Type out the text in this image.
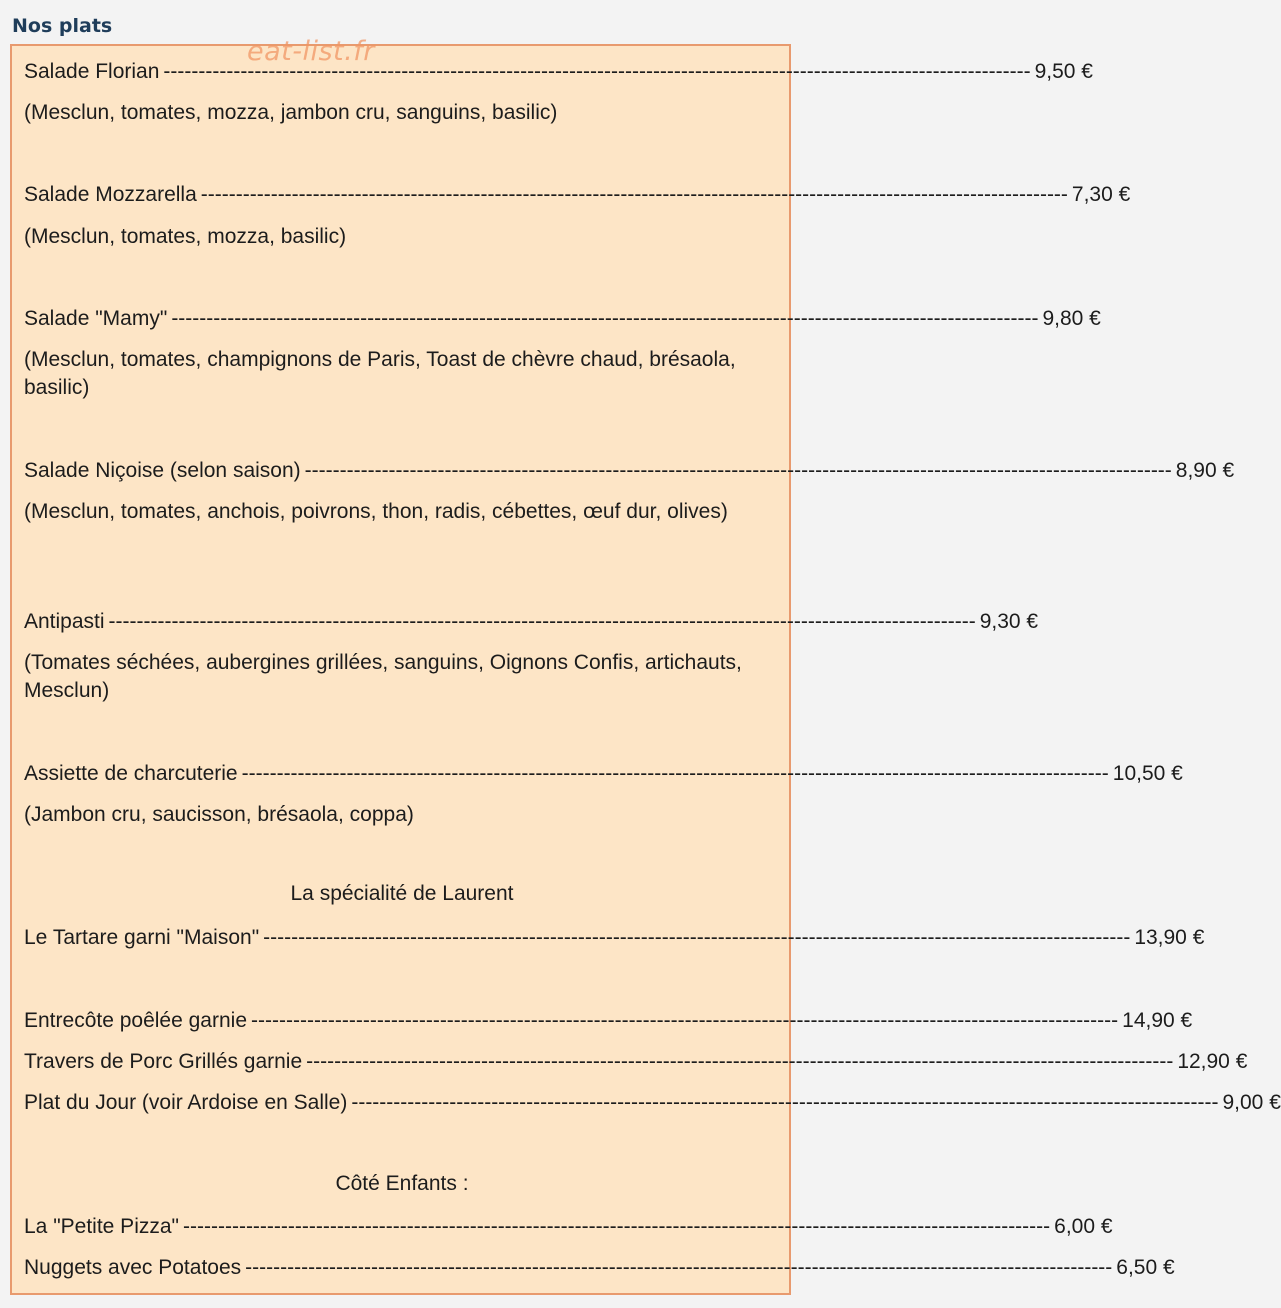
Nos plats
eat-list.fr
Salade Florian ---------------------------------------------------------------------------------------------------------------------------- 9,50 €
(Mesclun, tomates, mozza, jambon cru, sanguins, basilic)
Salade Mozzarella ---------------------------------------------------------------------------------------------------------------------------- 7,30 €
(Mesclun, tomates, mozza, basilic)
Salade "Mamy" ---------------------------------------------------------------------------------------------------------------------------- 9,80 €
(Mesclun, tomates, champignons de Paris, Toast de chèvre chaud, brésaola, basilic)
Salade Niçoise (selon saison) ---------------------------------------------------------------------------------------------------------------------------- 8,90 €
(Mesclun, tomates, anchois, poivrons, thon, radis, cébettes, œuf dur, olives)
Antipasti ---------------------------------------------------------------------------------------------------------------------------- 9,30 €
(Tomates séchées, aubergines grillées, sanguins, Oignons Confis, artichauts, Mesclun)
Assiette de charcuterie ---------------------------------------------------------------------------------------------------------------------------- 10,50 €
(Jambon cru, saucisson, brésaola, coppa)
La spécialité de Laurent
Le Tartare garni "Maison" ---------------------------------------------------------------------------------------------------------------------------- 13,90 €
Entrecôte poêlée garnie ---------------------------------------------------------------------------------------------------------------------------- 14,90 €
Travers de Porc Grillés garnie ---------------------------------------------------------------------------------------------------------------------------- 12,90 €
Plat du Jour (voir Ardoise en Salle) ---------------------------------------------------------------------------------------------------------------------------- 9,00 €
Côté Enfants :
La "Petite Pizza" ---------------------------------------------------------------------------------------------------------------------------- 6,00 €
Nuggets avec Potatoes ---------------------------------------------------------------------------------------------------------------------------- 6,50 €
